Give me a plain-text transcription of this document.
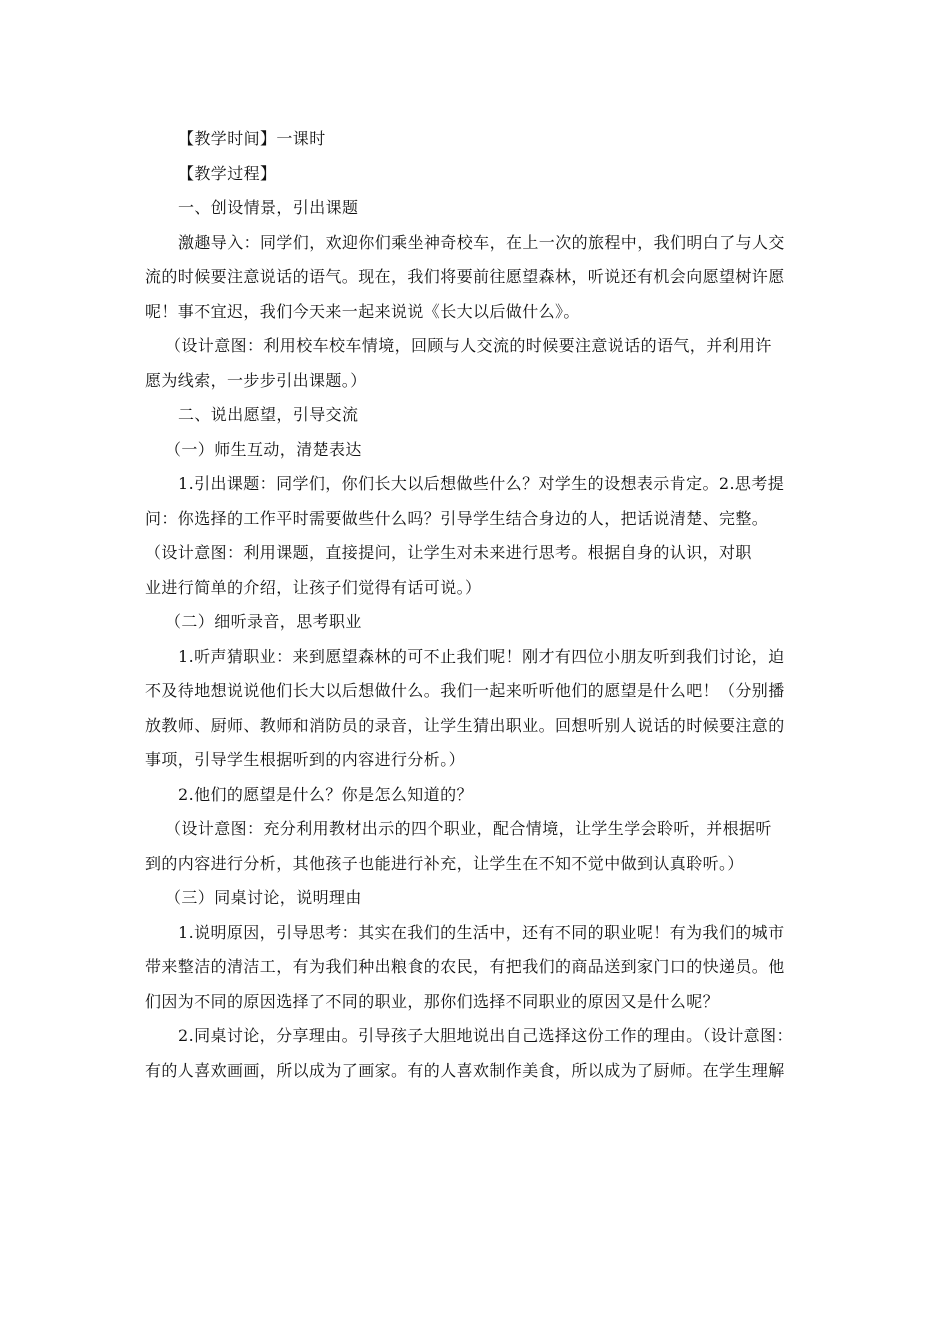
【教学时间】一课时
【教学过程】
一、创设情景，引出课题
激趣导入：同学们，欢迎你们乘坐神奇校车，在上一次的旅程中，我们明白了与人交
流的时候要注意说话的语气。现在，我们将要前往愿望森林，听说还有机会向愿望树许愿
呢！事不宜迟，我们今天来一起来说说《长大以后做什么》。
（设计意图：利用校车校车情境，回顾与人交流的时候要注意说话的语气，并利用许
愿为线索，一步步引出课题。）
二、说出愿望，引导交流
（一）师生互动，清楚表达
1.引出课题：同学们，你们长大以后想做些什么？对学生的设想表示肯定。2.思考提
问：你选择的工作平时需要做些什么吗？引导学生结合身边的人，把话说清楚、完整。
（设计意图：利用课题，直接提问，让学生对未来进行思考。根据自身的认识，对职
业进行简单的介绍，让孩子们觉得有话可说。）
（二）细听录音，思考职业
1.听声猜职业：来到愿望森林的可不止我们呢！刚才有四位小朋友听到我们讨论，迫
不及待地想说说他们长大以后想做什么。我们一起来听听他们的愿望是什么吧！（分别播
放教师、厨师、教师和消防员的录音，让学生猜出职业。回想听别人说话的时候要注意的
事项，引导学生根据听到的内容进行分析。）
2.他们的愿望是什么？你是怎么知道的？
（设计意图：充分利用教材出示的四个职业，配合情境，让学生学会聆听，并根据听
到的内容进行分析，其他孩子也能进行补充，让学生在不知不觉中做到认真聆听。）
（三）同桌讨论，说明理由
1.说明原因，引导思考：其实在我们的生活中，还有不同的职业呢！有为我们的城市
带来整洁的清洁工，有为我们种出粮食的农民，有把我们的商品送到家门口的快递员。他
们因为不同的原因选择了不同的职业，那你们选择不同职业的原因又是什么呢？
2.同桌讨论，分享理由。引导孩子大胆地说出自己选择这份工作的理由。（设计意图：
有的人喜欢画画，所以成为了画家。有的人喜欢制作美食，所以成为了厨师。在学生理解
